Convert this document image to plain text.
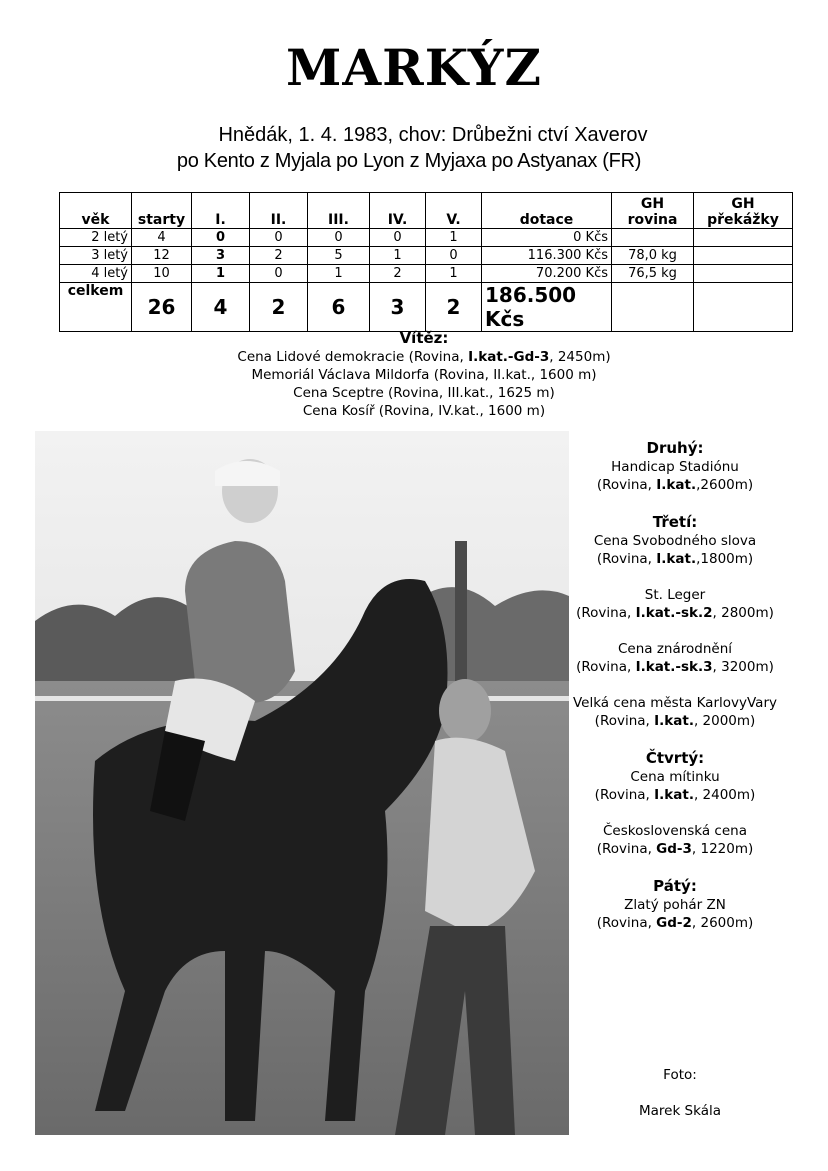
MARKÝZ
Hnědák, 1. 4. 1983, chov: Drůbežni ctví Xaverov
po Kento z Myjala po Lyon z Myjaxa po Astyanax (FR)
věk	starty	I.	II.	III.	IV.	V.	dotace	GH rovina	GH překážky
2 letý	4	0	0	0	0	1	0 Kčs		
3 letý	12	3	2	5	1	0	116.300 Kčs	78,0 kg	
4 letý	10	1	0	1	2	1	70.200 Kčs	76,5 kg	
celkem	26	4	2	6	3	2	186.500 Kčs		
Vítěz:
Cena Lidové demokracie (Rovina, I.kat.-Gd-3, 2450m)
Memoriál Václava Mildorfa (Rovina, II.kat., 1600 m)
Cena Sceptre (Rovina, III.kat., 1625 m)
Cena Kosíř (Rovina, IV.kat., 1600 m)
Druhý:
Handicap Stadiónu
(Rovina, I.kat.,2600m)
Třetí:
Cena Svobodného slova
(Rovina, I.kat.,1800m)
St. Leger
(Rovina, I.kat.-sk.2, 2800m)
Cena znárodnění
(Rovina, I.kat.-sk.3, 3200m)
Velká cena města KarlovyVary
(Rovina, I.kat., 2000m)
Čtvrtý:
Cena mítinku
(Rovina, I.kat., 2400m)
Československá cena
(Rovina, Gd-3, 1220m)
Pátý:
Zlatý pohár ZN
(Rovina, Gd-2, 2600m)
Foto:
Marek Skála
